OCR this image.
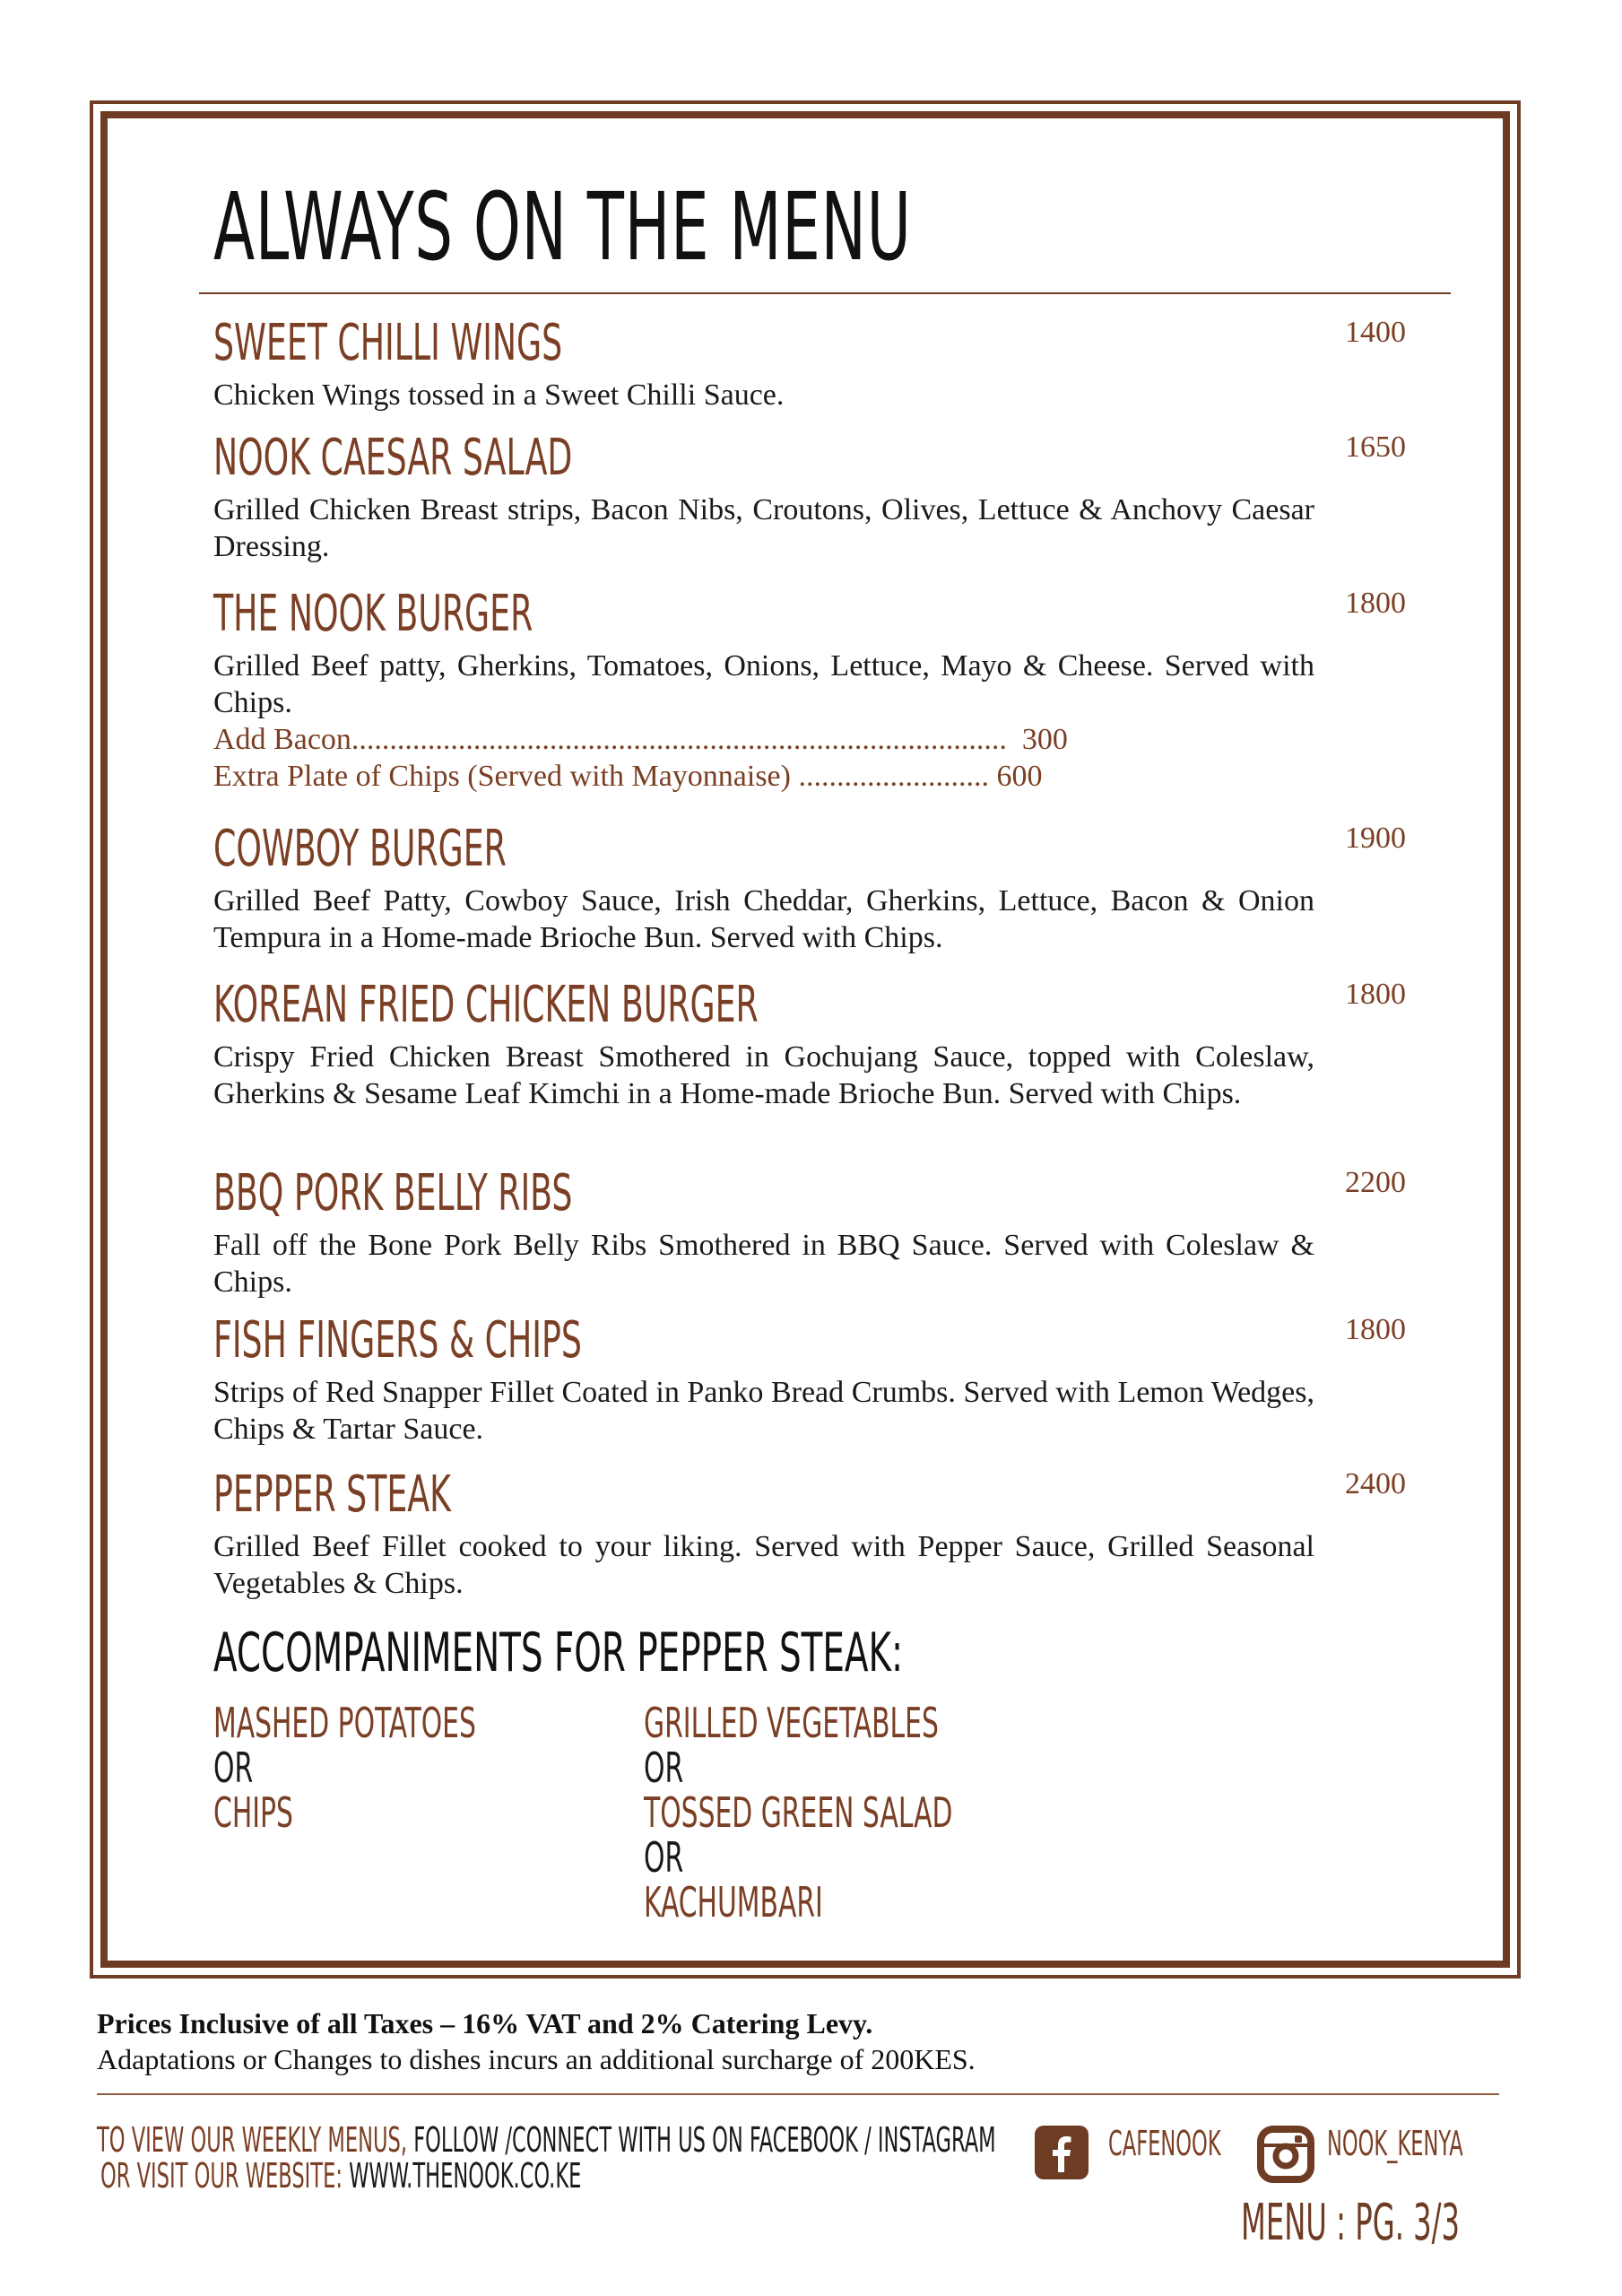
ALWAYS ON THE MENU
SWEET CHILLI WINGS	1400
Chicken Wings tossed in a Sweet Chilli Sauce.
NOOK CAESAR SALAD	1650
Grilled Chicken Breast strips, Bacon Nibs, Croutons, Olives, Lettuce & Anchovy Caesar Dressing.
THE NOOK BURGER	1800
Grilled Beef patty, Gherkins, Tomatoes, Onions, Lettuce, Mayo & Cheese. Served with Chips.
Add Bacon...................................................................................... 300
Extra Plate of Chips (Served with Mayonnaise) ......................... 600
COWBOY BURGER	1900
Grilled Beef Patty, Cowboy Sauce, Irish Cheddar, Gherkins, Lettuce, Bacon & Onion Tempura in a Home-made Brioche Bun. Served with Chips.
KOREAN FRIED CHICKEN BURGER	1800
Crispy Fried Chicken Breast Smothered in Gochujang Sauce, topped with Coleslaw, Gherkins & Sesame Leaf Kimchi in a Home-made Brioche Bun. Served with Chips.
BBQ PORK BELLY RIBS	2200
Fall off the Bone Pork Belly Ribs Smothered in BBQ Sauce. Served with Coleslaw & Chips.
FISH FINGERS & CHIPS	1800
Strips of Red Snapper Fillet Coated in Panko Bread Crumbs. Served with Lemon Wedges, Chips & Tartar Sauce.
PEPPER STEAK	2400
Grilled Beef Fillet cooked to your liking. Served with Pepper Sauce, Grilled Seasonal Vegetables & Chips.
ACCOMPANIMENTS FOR PEPPER STEAK:
MASHED POTATOES
OR
CHIPS
GRILLED VEGETABLES
OR
TOSSED GREEN SALAD
OR
KACHUMBARI
Prices Inclusive of all Taxes – 16% VAT and 2% Catering Levy.
Adaptations or Changes to dishes incurs an additional surcharge of 200KES.
TO VIEW OUR WEEKLY MENUS, FOLLOW /CONNECT WITH US ON FACEBOOK / INSTAGRAM
OR VISIT OUR WEBSITE: WWW.THENOOK.CO.KE
CAFENOOK	NOOK_KENYA
MENU : PG. 3/3
